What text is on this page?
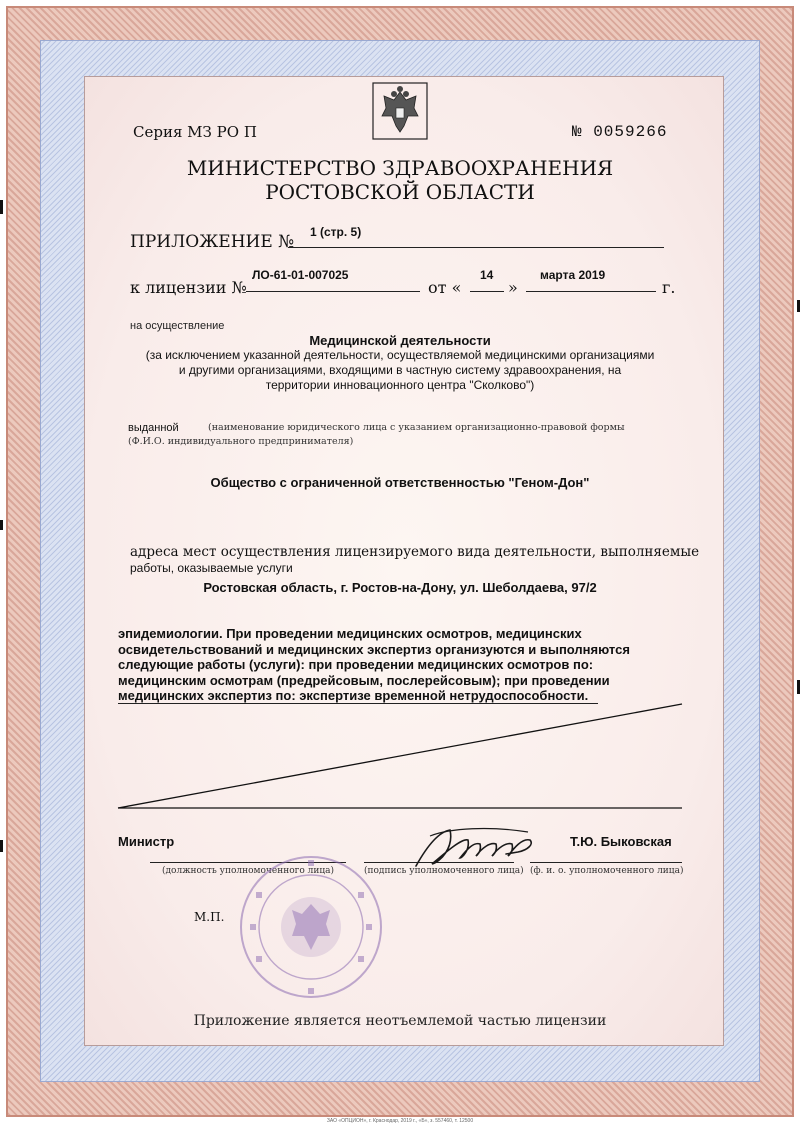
Серия МЗ РО П	№ 0059266
МИНИСТЕРСТВО ЗДРАВООХРАНЕНИЯ
РОСТОВСКОЙ ОБЛАСТИ
ПРИЛОЖЕНИЕ № 1 (стр. 5)
к лицензии №
ЛО-61-01-007025
от «
14
»
марта 2019
г.
на осуществление
Медицинской деятельности
(за исключением указанной деятельности, осуществляемой медицинскими организациями
и другими организациями, входящими в частную систему здравоохранения, на
территории инновационного центра "Сколково")
выданной	(наименование юридического лица с указанием организационно-правовой формы
(Ф.И.О. индивидуального предпринимателя)
Общество с ограниченной ответственностью "Геном-Дон"
адреса мест осуществления лицензируемого вида деятельности, выполняемые
работы, оказываемые услуги
Ростовская область, г. Ростов-на-Дону, ул. Шеболдаева, 97/2
эпидемиологии. При проведении медицинских осмотров, медицинских
освидетельствований и медицинских экспертиз организуются и выполняются
следующие работы (услуги): при проведении медицинских осмотров по:
медицинским осмотрам (предрейсовым, послерейсовым); при проведении
медицинских экспертиз по: экспертизе временной нетрудоспособности.
Министр	Т.Ю. Быковская
(должность уполномоченного лица)	(подпись уполномоченного лица) (ф. и. о. уполномоченного лица)
М.П.
Приложение является неотъемлемой частью лицензии
ЗАО «ОПЦИОН», г. Краснодар, 2019 г., «Б», з. 557460, т. 12500
